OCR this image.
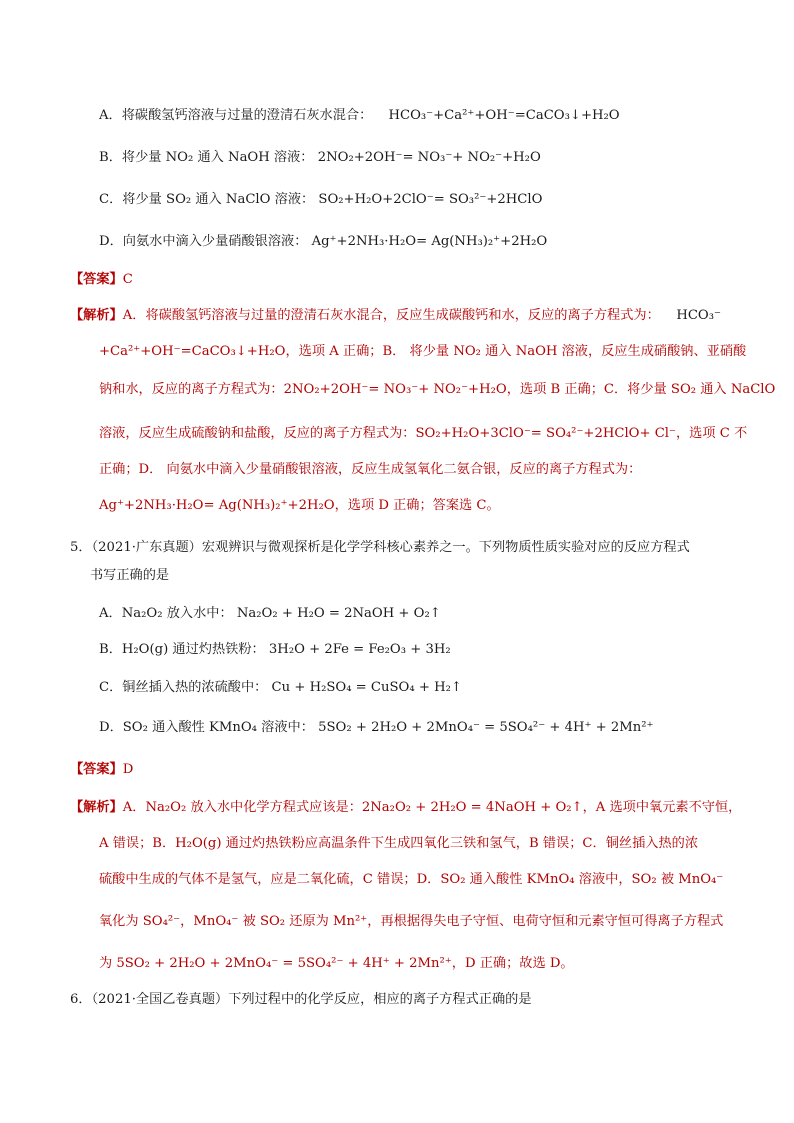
A．将碳酸氢钙溶液与过量的澄清石灰水混合： HCO₃⁻+Ca²⁺+OH⁻=CaCO₃↓+H₂O
B．将少量 NO₂ 通入 NaOH 溶液： 2NO₂+2OH⁻= NO₃⁻+ NO₂⁻+H₂O
C．将少量 SO₂ 通入 NaClO 溶液： SO₂+H₂O+2ClO⁻= SO₃²⁻+2HClO
D．向氨水中滴入少量硝酸银溶液： Ag⁺+2NH₃·H₂O= Ag(NH₃)₂⁺+2H₂O
【答案】C
【解析】A．将碳酸氢钙溶液与过量的澄清石灰水混合，反应生成碳酸钙和水，反应的离子方程式为： HCO₃⁻
+Ca²⁺+OH⁻=CaCO₃↓+H₂O，选项 A 正确；B． 将少量 NO₂ 通入 NaOH 溶液，反应生成硝酸钠、亚硝酸
钠和水，反应的离子方程式为：2NO₂+2OH⁻= NO₃⁻+ NO₂⁻+H₂O，选项 B 正确；C．将少量 SO₂ 通入 NaClO
溶液，反应生成硫酸钠和盐酸，反应的离子方程式为：SO₂+H₂O+3ClO⁻= SO₄²⁻+2HClO+ Cl⁻，选项 C 不
正确；D． 向氨水中滴入少量硝酸银溶液，反应生成氢氧化二氨合银，反应的离子方程式为：
Ag⁺+2NH₃·H₂O= Ag(NH₃)₂⁺+2H₂O，选项 D 正确；答案选 C。
5．（2021·广东真题）宏观辨识与微观探析是化学学科核心素养之一。下列物质性质实验对应的反应方程式
书写正确的是
A．Na₂O₂ 放入水中： Na₂O₂ + H₂O = 2NaOH + O₂↑
B．H₂O(g) 通过灼热铁粉： 3H₂O + 2Fe = Fe₂O₃ + 3H₂
C．铜丝插入热的浓硫酸中： Cu + H₂SO₄ = CuSO₄ + H₂↑
D．SO₂ 通入酸性 KMnO₄ 溶液中： 5SO₂ + 2H₂O + 2MnO₄⁻ = 5SO₄²⁻ + 4H⁺ + 2Mn²⁺
【答案】D
【解析】A．Na₂O₂ 放入水中化学方程式应该是：2Na₂O₂ + 2H₂O = 4NaOH + O₂↑，A 选项中氧元素不守恒，
A 错误；B．H₂O(g) 通过灼热铁粉应高温条件下生成四氧化三铁和氢气，B 错误；C．铜丝插入热的浓
硫酸中生成的气体不是氢气，应是二氧化硫，C 错误；D．SO₂ 通入酸性 KMnO₄ 溶液中，SO₂ 被 MnO₄⁻
氧化为 SO₄²⁻，MnO₄⁻ 被 SO₂ 还原为 Mn²⁺，再根据得失电子守恒、电荷守恒和元素守恒可得离子方程式
为 5SO₂ + 2H₂O + 2MnO₄⁻ = 5SO₄²⁻ + 4H⁺ + 2Mn²⁺，D 正确；故选 D。
6．（2021·全国乙卷真题）下列过程中的化学反应，相应的离子方程式正确的是
